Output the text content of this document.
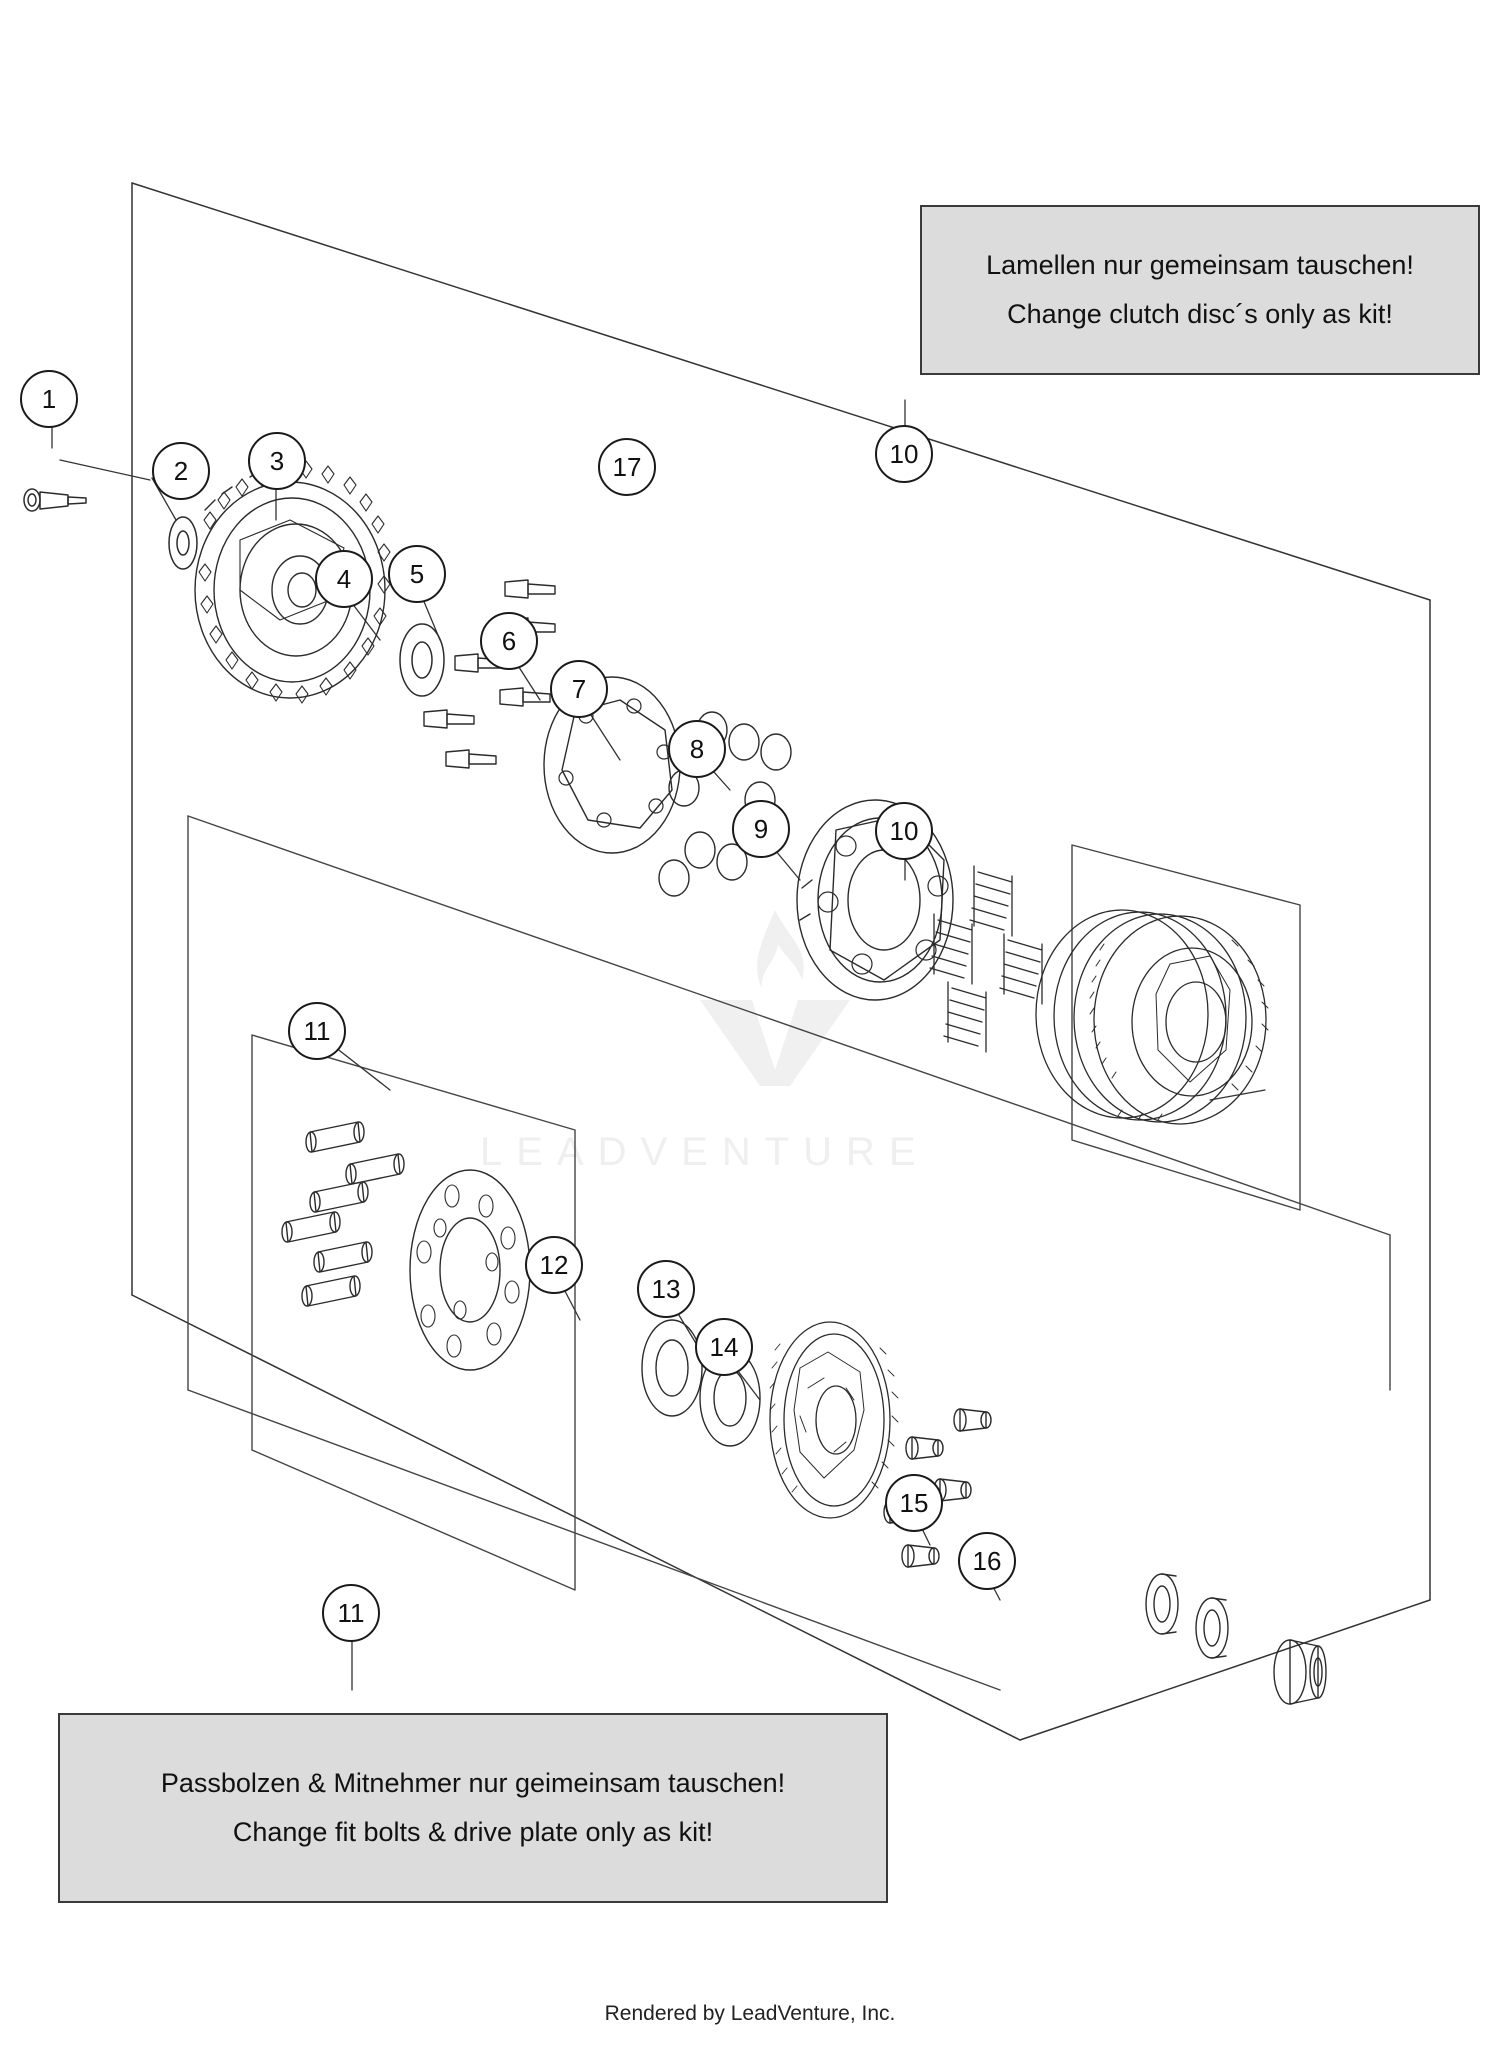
LEADVENTURE
Lamellen nur gemeinsam tauschen!
Change clutch disc´s only as kit!
Passbolzen & Mitnehmer nur geimeinsam tauschen!
Change fit bolts & drive plate only as kit!
1
2	3
4 5
6
7
8
9	10
10
11
11
12
13
14
15
16
17
Rendered by LeadVenture, Inc.
